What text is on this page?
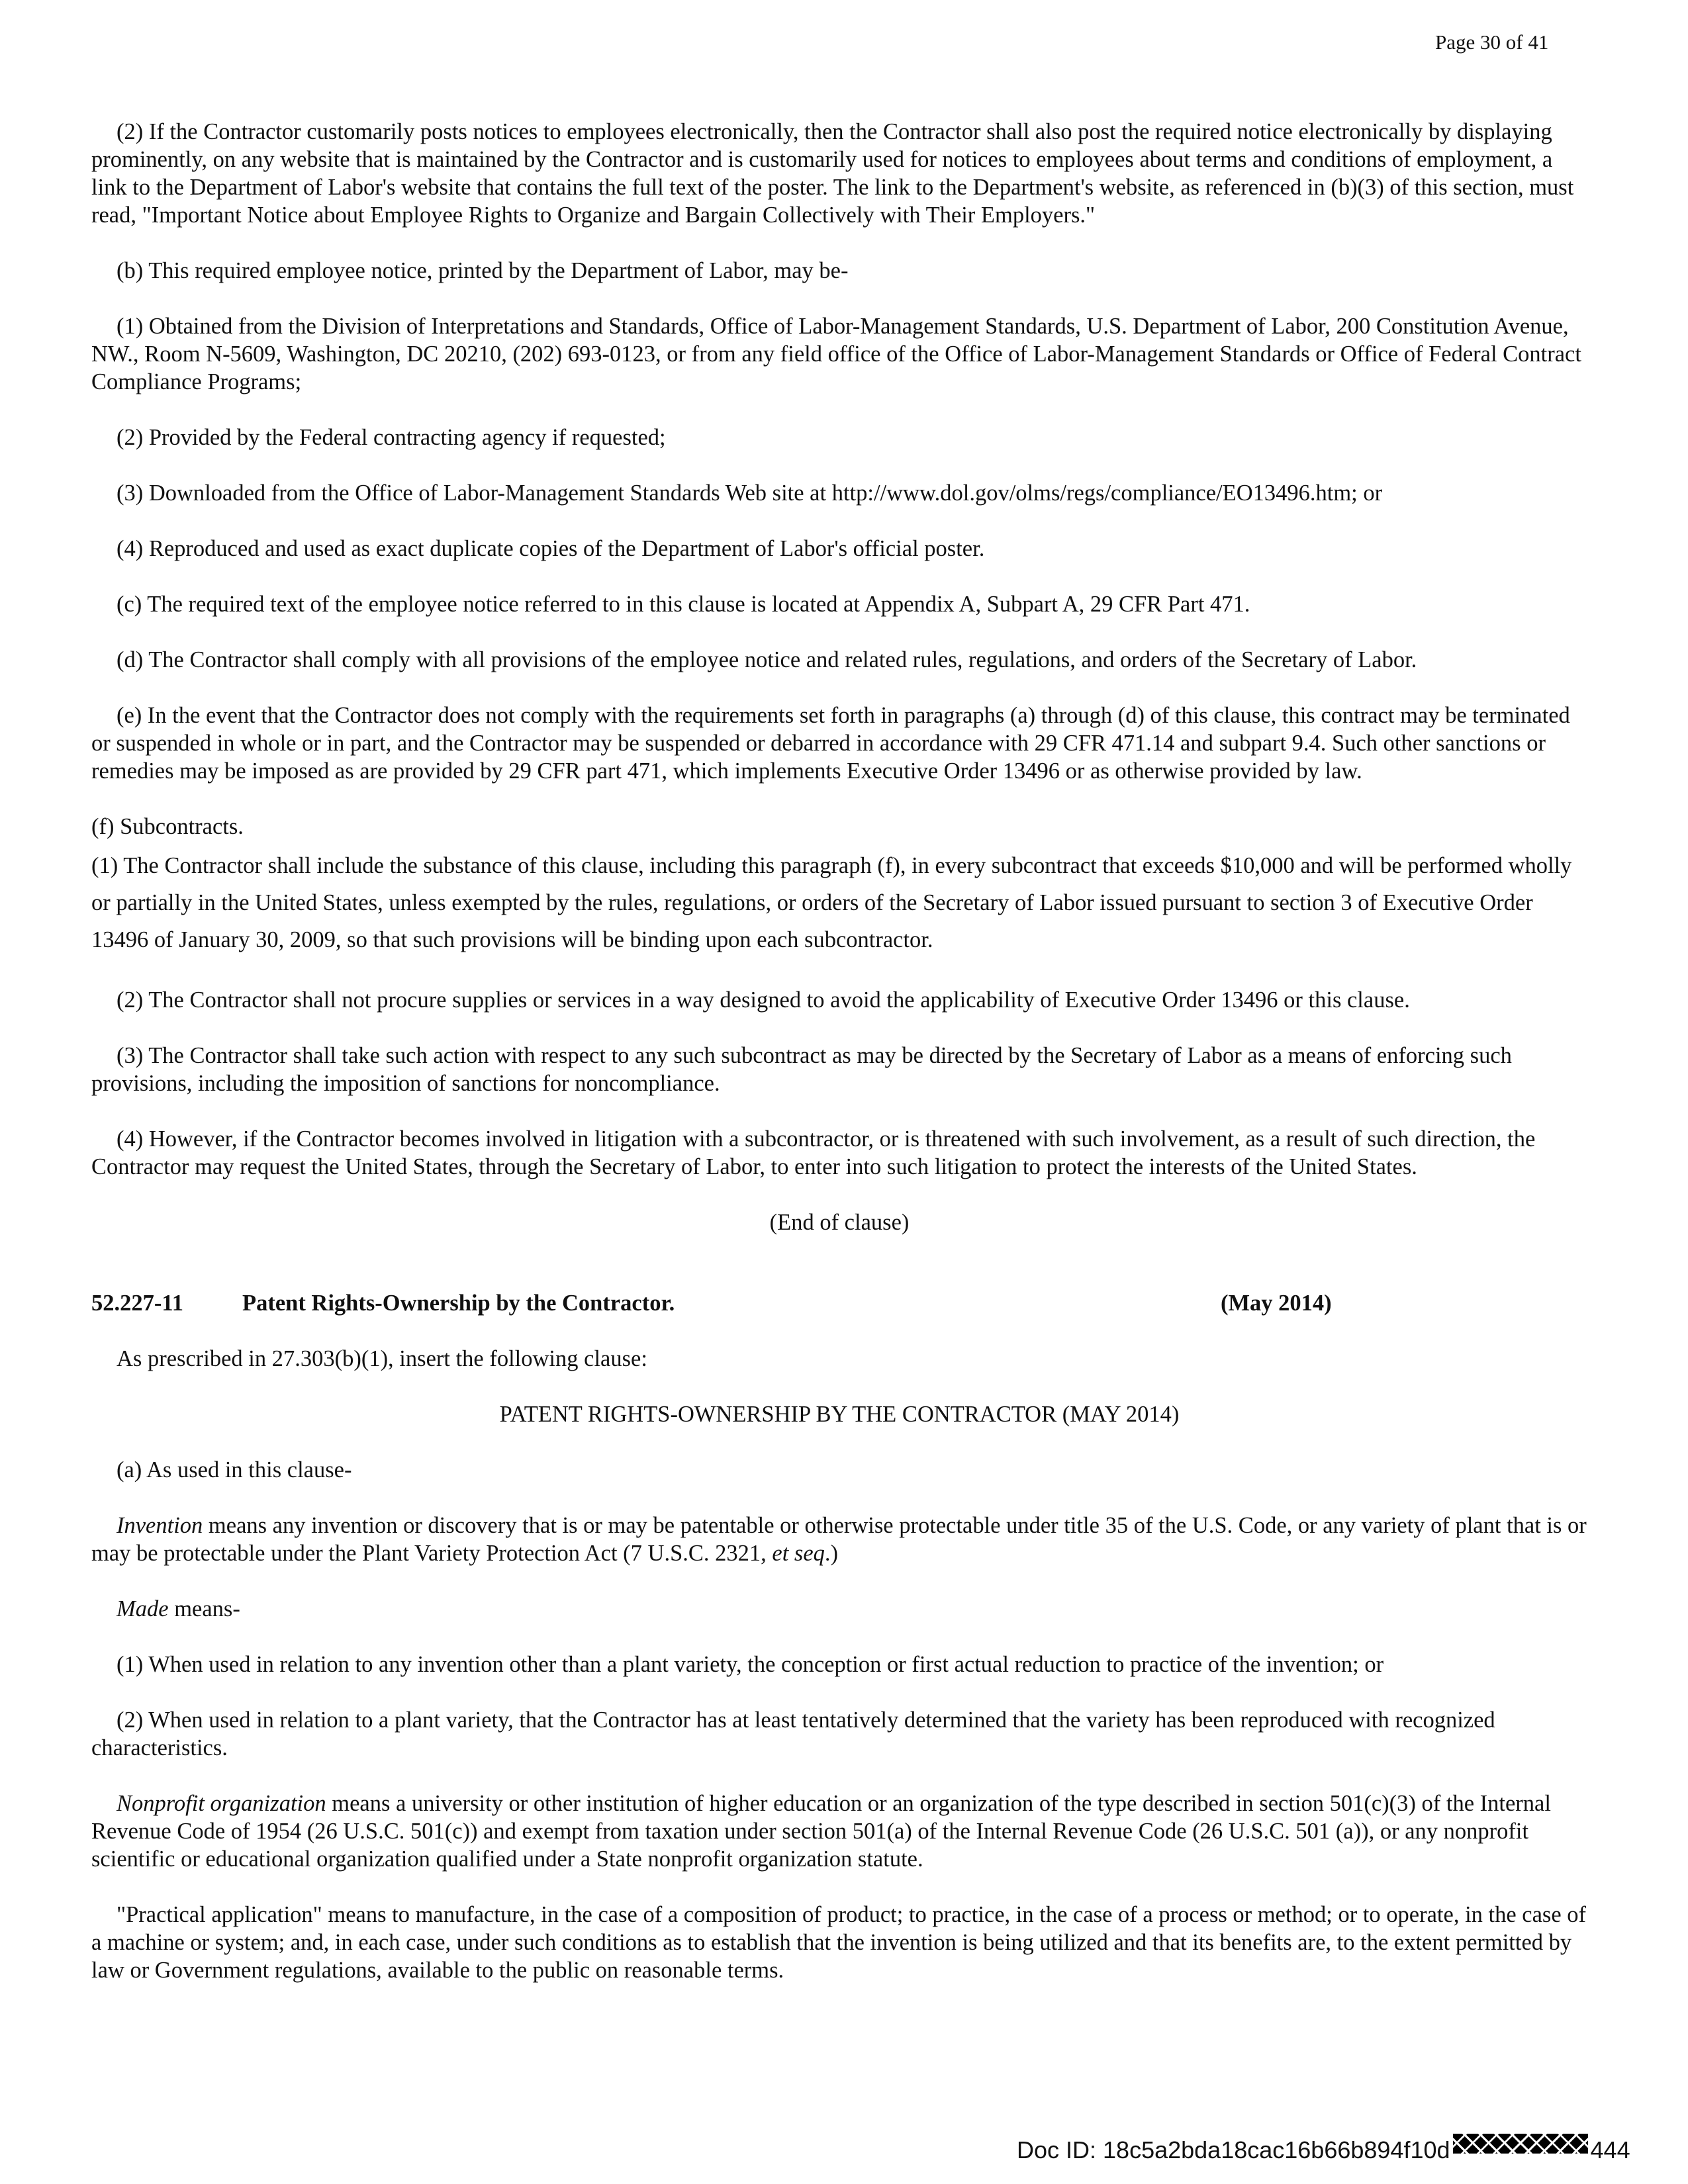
Page 30 of 41

(2) If the Contractor customarily posts notices to employees electronically, then the Contractor shall also post the required notice electronically by displaying prominently, on any website that is maintained by the Contractor and is customarily used for notices to employees about terms and conditions of employment, a link to the Department of Labor's website that contains the full text of the poster. The link to the Department's website, as referenced in (b)(3) of this section, must read, "Important Notice about Employee Rights to Organize and Bargain Collectively with Their Employers."

(b) This required employee notice, printed by the Department of Labor, may be-

(1) Obtained from the Division of Interpretations and Standards, Office of Labor-Management Standards, U.S. Department of Labor, 200 Constitution Avenue, NW., Room N-5609, Washington, DC 20210, (202) 693-0123, or from any field office of the Office of Labor-Management Standards or Office of Federal Contract Compliance Programs;

(2) Provided by the Federal contracting agency if requested;

(3) Downloaded from the Office of Labor-Management Standards Web site at http://www.dol.gov/olms/regs/compliance/EO13496.htm; or

(4) Reproduced and used as exact duplicate copies of the Department of Labor's official poster.

(c) The required text of the employee notice referred to in this clause is located at Appendix A, Subpart A, 29 CFR Part 471.

(d) The Contractor shall comply with all provisions of the employee notice and related rules, regulations, and orders of the Secretary of Labor.

(e) In the event that the Contractor does not comply with the requirements set forth in paragraphs (a) through (d) of this clause, this contract may be terminated or suspended in whole or in part, and the Contractor may be suspended or debarred in accordance with 29 CFR 471.14 and subpart 9.4. Such other sanctions or remedies may be imposed as are provided by 29 CFR part 471, which implements Executive Order 13496 or as otherwise provided by law.

(f) Subcontracts.

(1) The Contractor shall include the substance of this clause, including this paragraph (f), in every subcontract that exceeds $10,000 and will be performed wholly or partially in the United States, unless exempted by the rules, regulations, or orders of the Secretary of Labor issued pursuant to section 3 of Executive Order 13496 of January 30, 2009, so that such provisions will be binding upon each subcontractor.

(2) The Contractor shall not procure supplies or services in a way designed to avoid the applicability of Executive Order 13496 or this clause.

(3) The Contractor shall take such action with respect to any such subcontract as may be directed by the Secretary of Labor as a means of enforcing such provisions, including the imposition of sanctions for noncompliance.

(4) However, if the Contractor becomes involved in litigation with a subcontractor, or is threatened with such involvement, as a result of such direction, the Contractor may request the United States, through the Secretary of Labor, to enter into such litigation to protect the interests of the United States.

(End of clause)

52.227-11	Patent Rights-Ownership by the Contractor.	(May 2014)

As prescribed in 27.303(b)(1), insert the following clause:

PATENT RIGHTS-OWNERSHIP BY THE CONTRACTOR (MAY 2014)

(a) As used in this clause-

Invention means any invention or discovery that is or may be patentable or otherwise protectable under title 35 of the U.S. Code, or any variety of plant that is or may be protectable under the Plant Variety Protection Act (7 U.S.C. 2321, et seq.)

Made means-

(1) When used in relation to any invention other than a plant variety, the conception or first actual reduction to practice of the invention; or

(2) When used in relation to a plant variety, that the Contractor has at least tentatively determined that the variety has been reproduced with recognized characteristics.

Nonprofit organization means a university or other institution of higher education or an organization of the type described in section 501(c)(3) of the Internal Revenue Code of 1954 (26 U.S.C. 501(c)) and exempt from taxation under section 501(a) of the Internal Revenue Code (26 U.S.C. 501 (a)), or any nonprofit scientific or educational organization qualified under a State nonprofit organization statute.

"Practical application" means to manufacture, in the case of a composition of product; to practice, in the case of a process or method; or to operate, in the case of a machine or system; and, in each case, under such conditions as to establish that the invention is being utilized and that its benefits are, to the extent permitted by law or Government regulations, available to the public on reasonable terms.

Doc ID: 18c5a2bda18cac16b66b894f10d	444
